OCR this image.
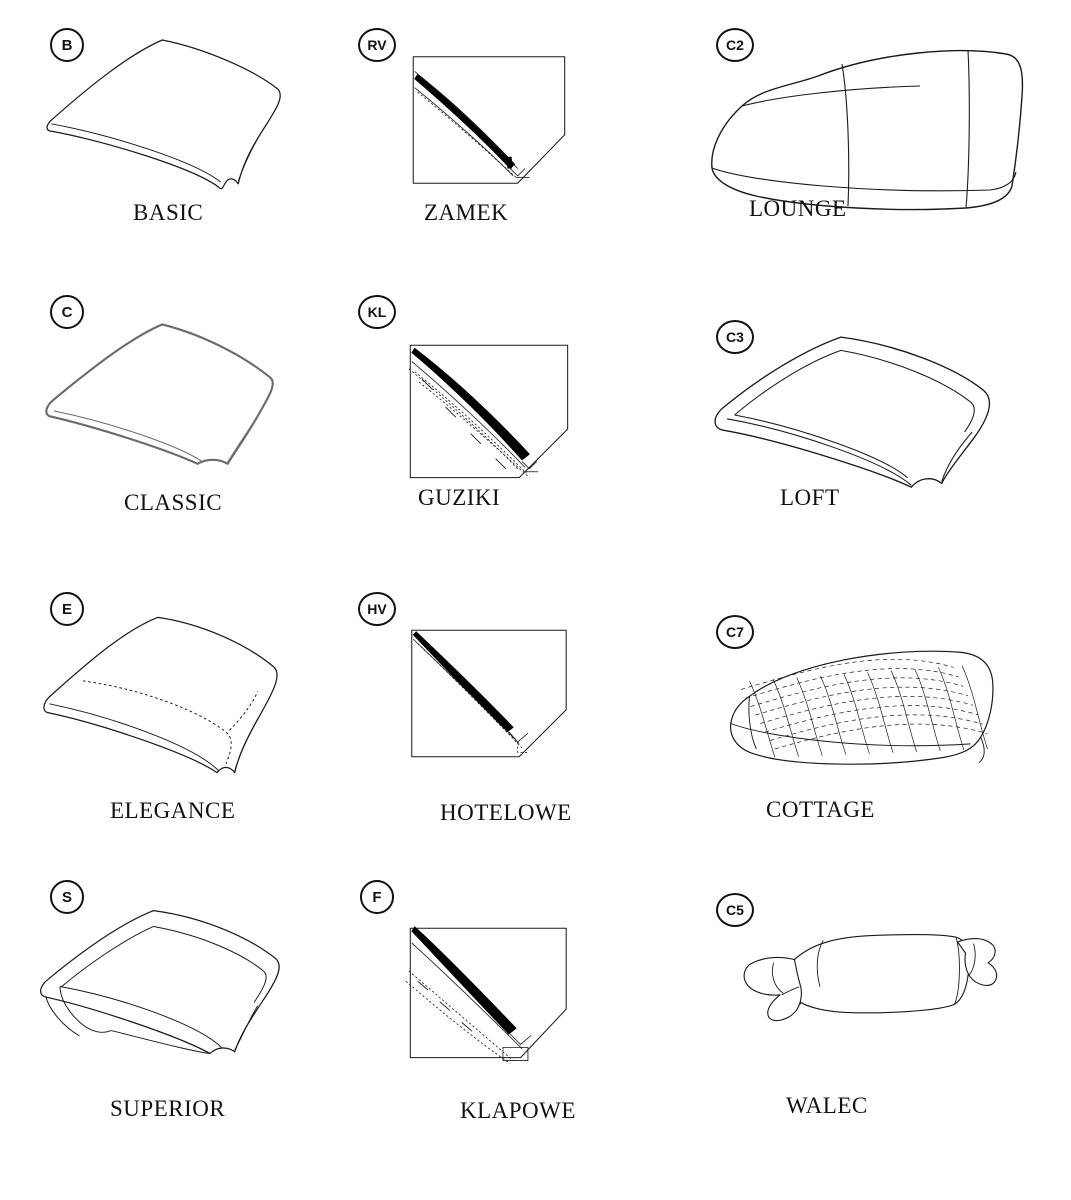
B
BASIC
RV
ZAMEK
C2
LOUNGE
C
CLASSIC
KL
GUZIKI
C3
LOFT
E
ELEGANCE
HV
HOTELOWE
C7
COTTAGE
S
SUPERIOR
F
KLAPOWE
C5
WALEC
